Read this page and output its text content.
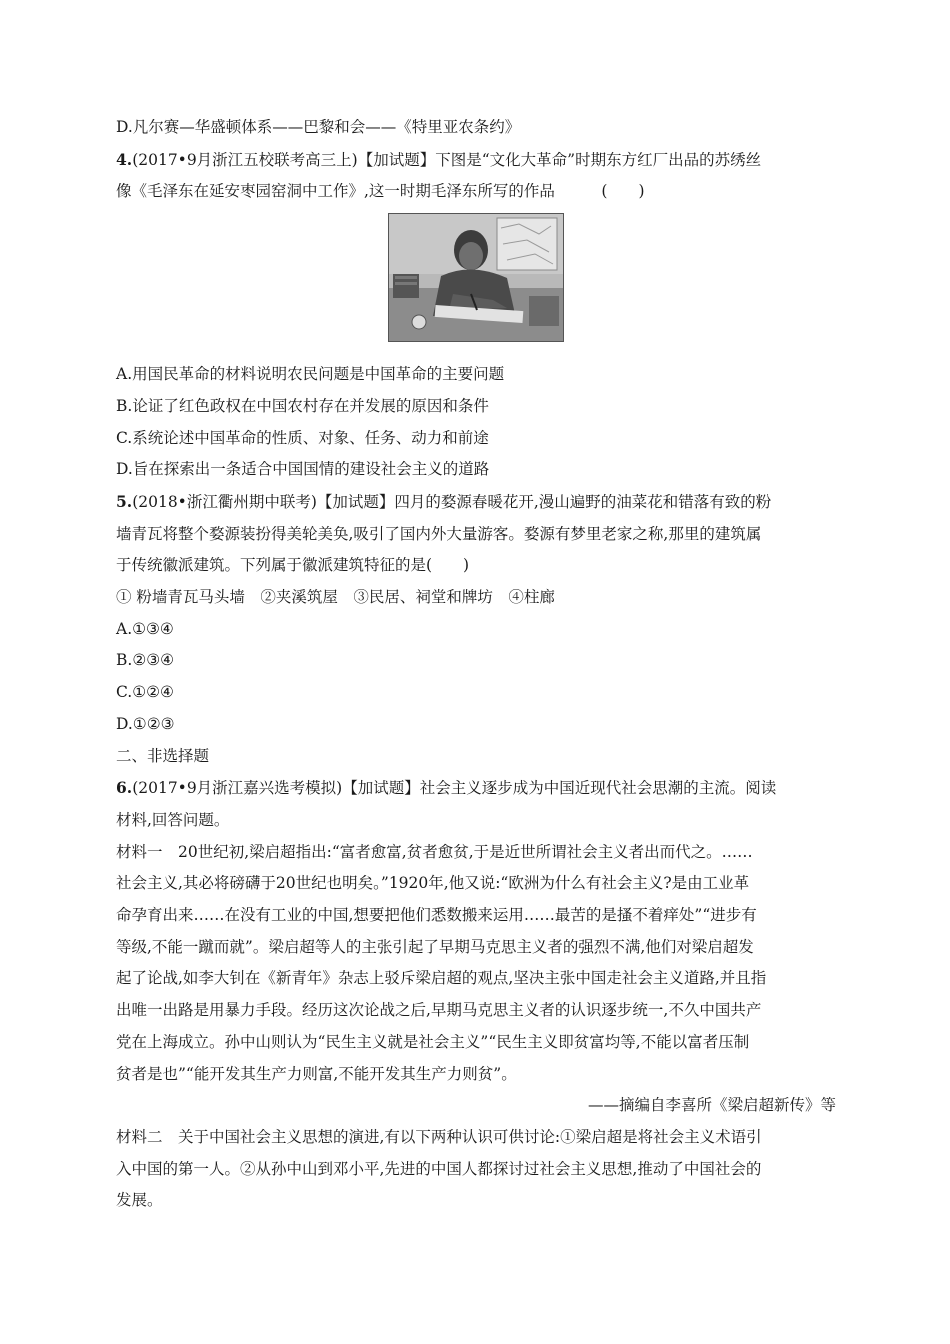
D.凡尔赛—华盛顿体系——巴黎和会——《特里亚农条约》
4.(2017•9月浙江五校联考高三上)【加试题】下图是“文化大革命”时期东方红厂出品的苏绣丝
像《毛泽东在延安枣园窑洞中工作》,这一时期毛泽东所写的作品　　　(　　)
A.用国民革命的材料说明农民问题是中国革命的主要问题
B.论证了红色政权在中国农村存在并发展的原因和条件
C.系统论述中国革命的性质、对象、任务、动力和前途
D.旨在探索出一条适合中国国情的建设社会主义的道路
5.(2018•浙江衢州期中联考)【加试题】四月的婺源春暖花开,漫山遍野的油菜花和错落有致的粉
墙青瓦将整个婺源装扮得美轮美奂,吸引了国内外大量游客。婺源有梦里老家之称,那里的建筑属
于传统徽派建筑。下列属于徽派建筑特征的是(　　)
① 粉墙青瓦马头墙　②夹溪筑屋　③民居、祠堂和牌坊　④柱廊
A.①③④
B.②③④
C.①②④
D.①②③
二、非选择题
6.(2017•9月浙江嘉兴选考模拟)【加试题】社会主义逐步成为中国近现代社会思潮的主流。阅读
材料,回答问题。
材料一　20世纪初,梁启超指出:“富者愈富,贫者愈贫,于是近世所谓社会主义者出而代之。……
社会主义,其必将磅礴于20世纪也明矣。”1920年,他又说:“欧洲为什么有社会主义?是由工业革
命孕育出来……在没有工业的中国,想要把他们悉数搬来运用……最苦的是搔不着痒处”“进步有
等级,不能一蹴而就”。梁启超等人的主张引起了早期马克思主义者的强烈不满,他们对梁启超发
起了论战,如李大钊在《新青年》杂志上驳斥梁启超的观点,坚决主张中国走社会主义道路,并且指
出唯一出路是用暴力手段。经历这次论战之后,早期马克思主义者的认识逐步统一,不久中国共产
党在上海成立。孙中山则认为“民生主义就是社会主义”“民生主义即贫富均等,不能以富者压制
贫者是也”“能开发其生产力则富,不能开发其生产力则贫”。
——摘编自李喜所《梁启超新传》等
材料二　关于中国社会主义思想的演进,有以下两种认识可供讨论:①梁启超是将社会主义术语引
入中国的第一人。②从孙中山到邓小平,先进的中国人都探讨过社会主义思想,推动了中国社会的
发展。
